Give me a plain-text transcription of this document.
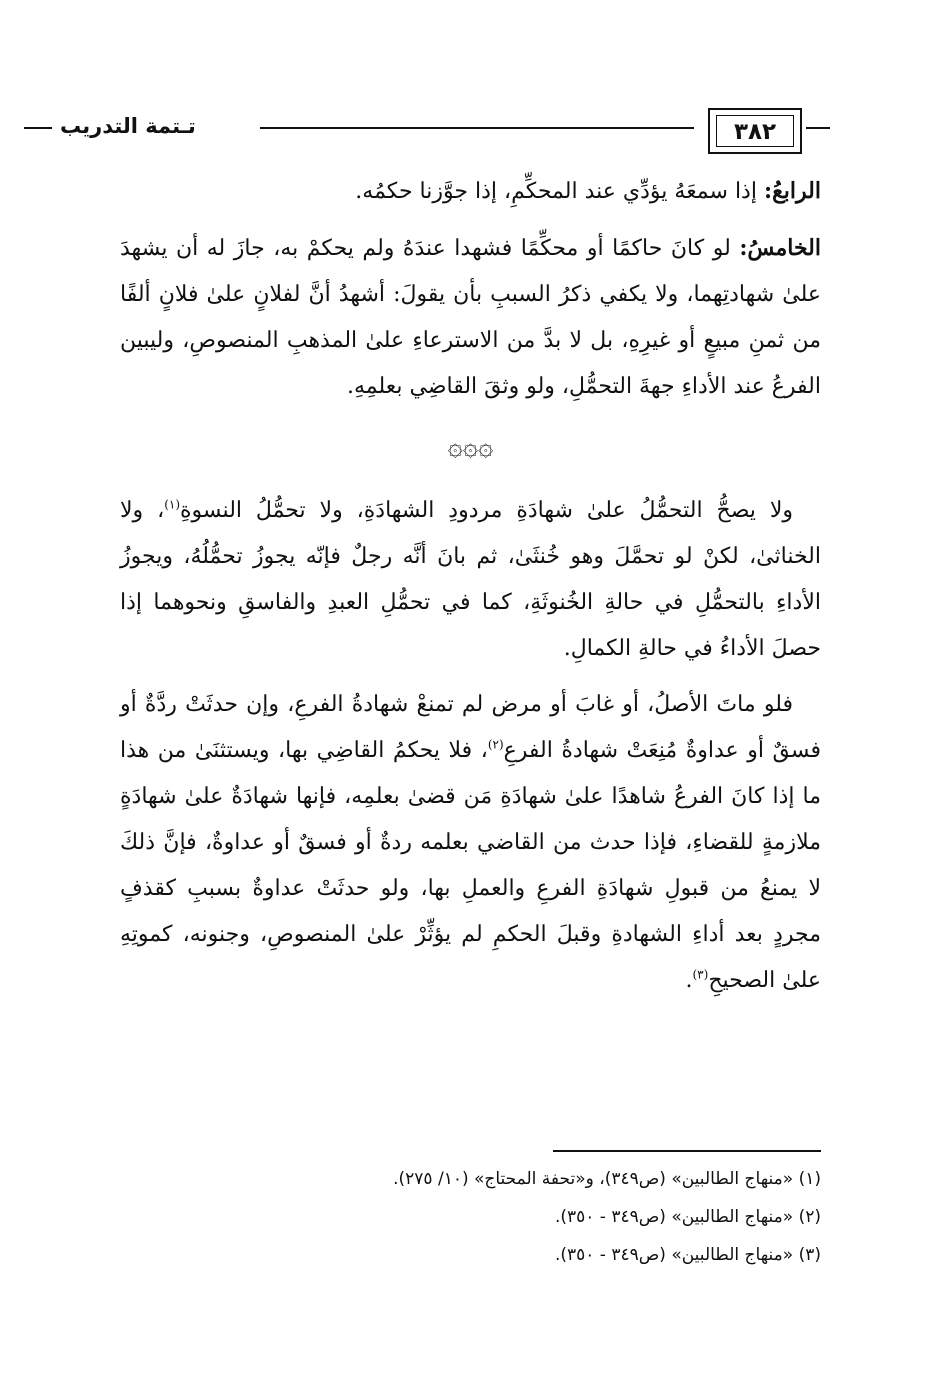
تـتمة التدريب	٣٨٢

الرابعُ: إذا سمعَهُ يؤدِّي عند المحكِّمِ، إذا جوَّزنا حكمُه.

الخامسُ: لو كانَ حاكمًا أو محكِّمًا فشهدا عندَهُ ولم يحكمْ به، جازَ له أن يشهدَ علىٰ شهادتِهما، ولا يكفي ذكرُ السببِ بأن يقولَ: أشهدُ أنَّ لفلانٍ علىٰ فلانٍ ألفًا من ثمنِ مبيعٍ أو غيرِهِ، بل لا بدَّ من الاسترعاءِ علىٰ المذهبِ المنصوصِ، وليبين الفرعُ عند الأداءِ جهةَ التحمُّلِ، ولو وثقَ القاضِي بعلمِهِ.

۞۞۞

ولا يصحُّ التحمُّلُ علىٰ شهادَةِ مردودِ الشهادَةِ، ولا تحمُّلُ النسوةِ$^{(١)}$، ولا الخناثىٰ، لكنْ لو تحمَّلَ وهو خُنثَىٰ، ثم بانَ أنَّه رجلٌ فإنّه يجوزُ تحمُّلُهُ، ويجوزُ الأداءِ بالتحمُّلِ في حالةِ الخُنوثَةِ، كما في تحمُّلِ العبدِ والفاسقِ ونحوهما إذا حصلَ الأداءُ في حالةِ الكمالِ.

فلو ماتَ الأصلُ، أو غابَ أو مرض لم تمنعْ شهادةُ الفرعِ، وإن حدثَتْ ردَّةٌ أو فسقٌ أو عداوةٌ مُنِعَتْ شهادةُ الفرعِ$^{(٢)}$، فلا يحكمُ القاضِي بها، ويستثنَىٰ من هذا ما إذا كانَ الفرعُ شاهدًا علىٰ شهادَةِ مَن قضىٰ بعلمِه، فإنها شهادَةٌ علىٰ شهادَةٍ ملازمةٍ للقضاءِ، فإذا حدث من القاضي بعلمه ردةٌ أو فسقٌ أو عداوةٌ، فإنَّ ذلكَ لا يمنعُ من قبولِ شهادَةِ الفرعِ والعملِ بها، ولو حدثَتْ عداوةٌ بسببِ كقذفٍ مجردٍ بعد أداءِ الشهادةِ وقبلَ الحكمِ لم يؤثِّرْ علىٰ المنصوصِ، وجنونه، كموتِهِ علىٰ الصحيحِ$^{(٣)}$.

(١) «منهاج الطالبين» (ص٣٤٩)، و«تحفة المحتاج» (١٠/ ٢٧٥).
(٢) «منهاج الطالبين» (ص٣٤٩ - ٣٥٠).
(٣) «منهاج الطالبين» (ص٣٤٩ - ٣٥٠).
